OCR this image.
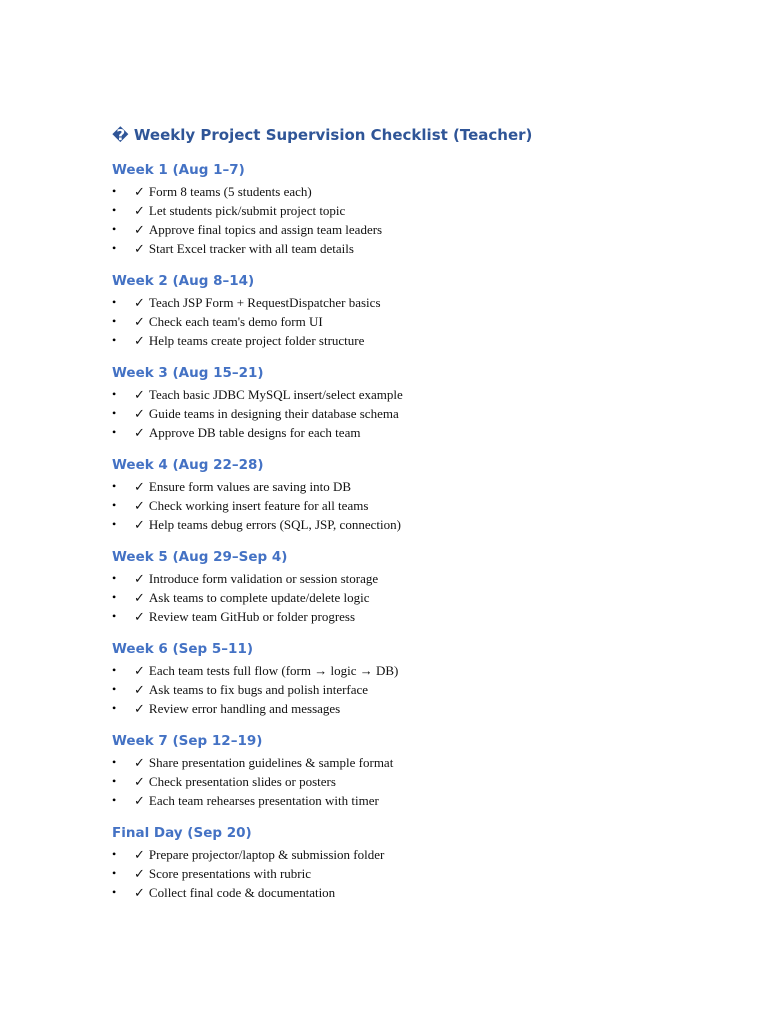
� Weekly Project Supervision Checklist (Teacher)
Week 1 (Aug 1–7)
• ✓ Form 8 teams (5 students each)
• ✓ Let students pick/submit project topic
• ✓ Approve final topics and assign team leaders
• ✓ Start Excel tracker with all team details
Week 2 (Aug 8–14)
• ✓ Teach JSP Form + RequestDispatcher basics
• ✓ Check each team's demo form UI
• ✓ Help teams create project folder structure
Week 3 (Aug 15–21)
• ✓ Teach basic JDBC MySQL insert/select example
• ✓ Guide teams in designing their database schema
• ✓ Approve DB table designs for each team
Week 4 (Aug 22–28)
• ✓ Ensure form values are saving into DB
• ✓ Check working insert feature for all teams
• ✓ Help teams debug errors (SQL, JSP, connection)
Week 5 (Aug 29–Sep 4)
• ✓ Introduce form validation or session storage
• ✓ Ask teams to complete update/delete logic
• ✓ Review team GitHub or folder progress
Week 6 (Sep 5–11)
• ✓ Each team tests full flow (form → logic → DB)
• ✓ Ask teams to fix bugs and polish interface
• ✓ Review error handling and messages
Week 7 (Sep 12–19)
• ✓ Share presentation guidelines & sample format
• ✓ Check presentation slides or posters
• ✓ Each team rehearses presentation with timer
Final Day (Sep 20)
• ✓ Prepare projector/laptop & submission folder
• ✓ Score presentations with rubric
• ✓ Collect final code & documentation
